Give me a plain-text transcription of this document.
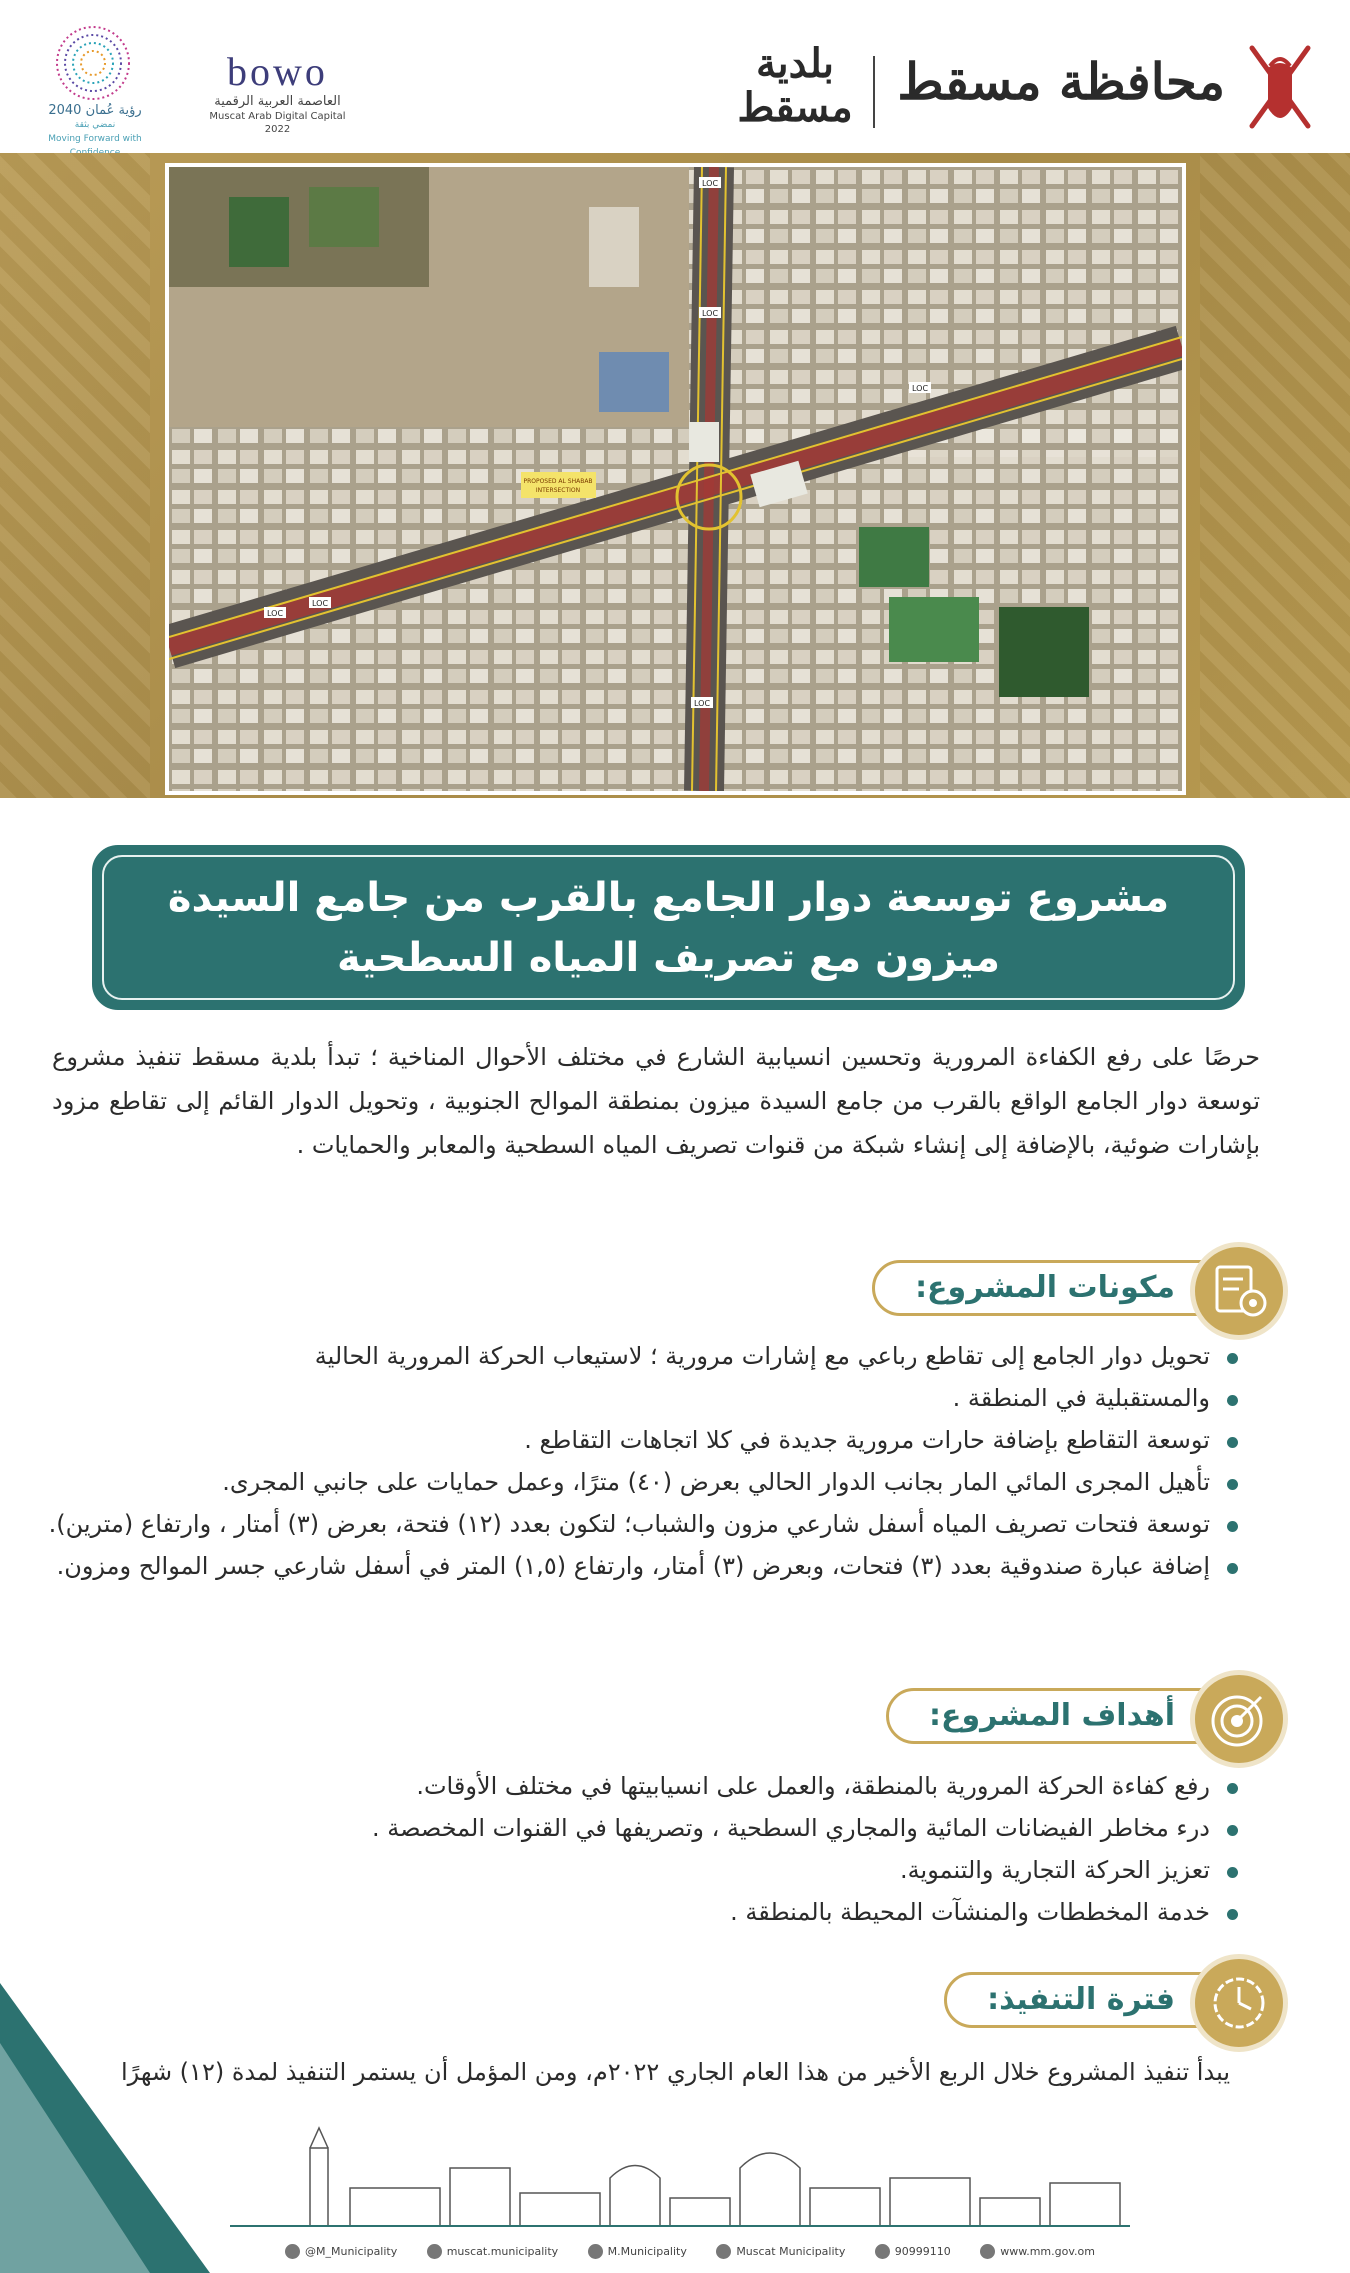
رؤية عُمان 2040
نمضي بثقة
Moving Forward with
bowo
العاصمة العربية الرقمية
Muscat Arab Digital Capital
2022
محافظة مسقط
بلدية مسقط
PROPOSED AL SHABAB
INTERSECTION
LOC
LOC
LOC
LOC
LOC
LOC
مشروع توسعة دوار الجامع بالقرب من جامع السيدة
ميزون مع تصريف المياه السطحية

حرصًا على رفع الكفاءة المرورية وتحسين انسيابية الشارع في مختلف الأحوال المناخية ؛ تبدأ بلدية مسقط تنفيذ مشروع توسعة دوار الجامع الواقع بالقرب من جامع السيدة ميزون بمنطقة الموالح الجنوبية ، وتحويل الدوار القائم إلى تقاطع مزود بإشارات ضوئية، بالإضافة إلى إنشاء شبكة من قنوات تصريف المياه السطحية والمعابر والحمايات .

مكونات المشروع:
تحويل دوار الجامع إلى تقاطع رباعي مع إشارات مرورية ؛ لاستيعاب الحركة المرورية الحالية
والمستقبلية في المنطقة .
توسعة التقاطع بإضافة حارات مرورية جديدة في كلا اتجاهات التقاطع .
تأهيل المجرى المائي المار بجانب الدوار الحالي بعرض (٤٠) مترًا، وعمل حمايات على جانبي المجرى.
توسعة فتحات تصريف المياه أسفل شارعي مزون والشباب؛ لتكون بعدد (١٢) فتحة، بعرض (٣) أمتار ، وارتفاع (مترين).
إضافة عبارة صندوقية بعدد (٣) فتحات، وبعرض (٣) أمتار، وارتفاع (١,٥) المتر في أسفل شارعي جسر الموالح ومزون.
أهداف المشروع:
رفع كفاءة الحركة المرورية بالمنطقة، والعمل على انسيابيتها في مختلف الأوقات.
درء مخاطر الفيضانات المائية والمجاري السطحية ، وتصريفها في القنوات المخصصة .
تعزيز الحركة التجارية والتنموية.
خدمة المخططات والمنشآت المحيطة بالمنطقة .
فترة التنفيذ:

يبدأ تنفيذ المشروع خلال الربع الأخير من هذا العام الجاري ٢٠٢٢م، ومن المؤمل أن يستمر التنفيذ لمدة (١٢) شهرًا

@M_Municipality	muscat.municipality	M.Municipality	Muscat Municipality	90999110	www.mm.gov.om
